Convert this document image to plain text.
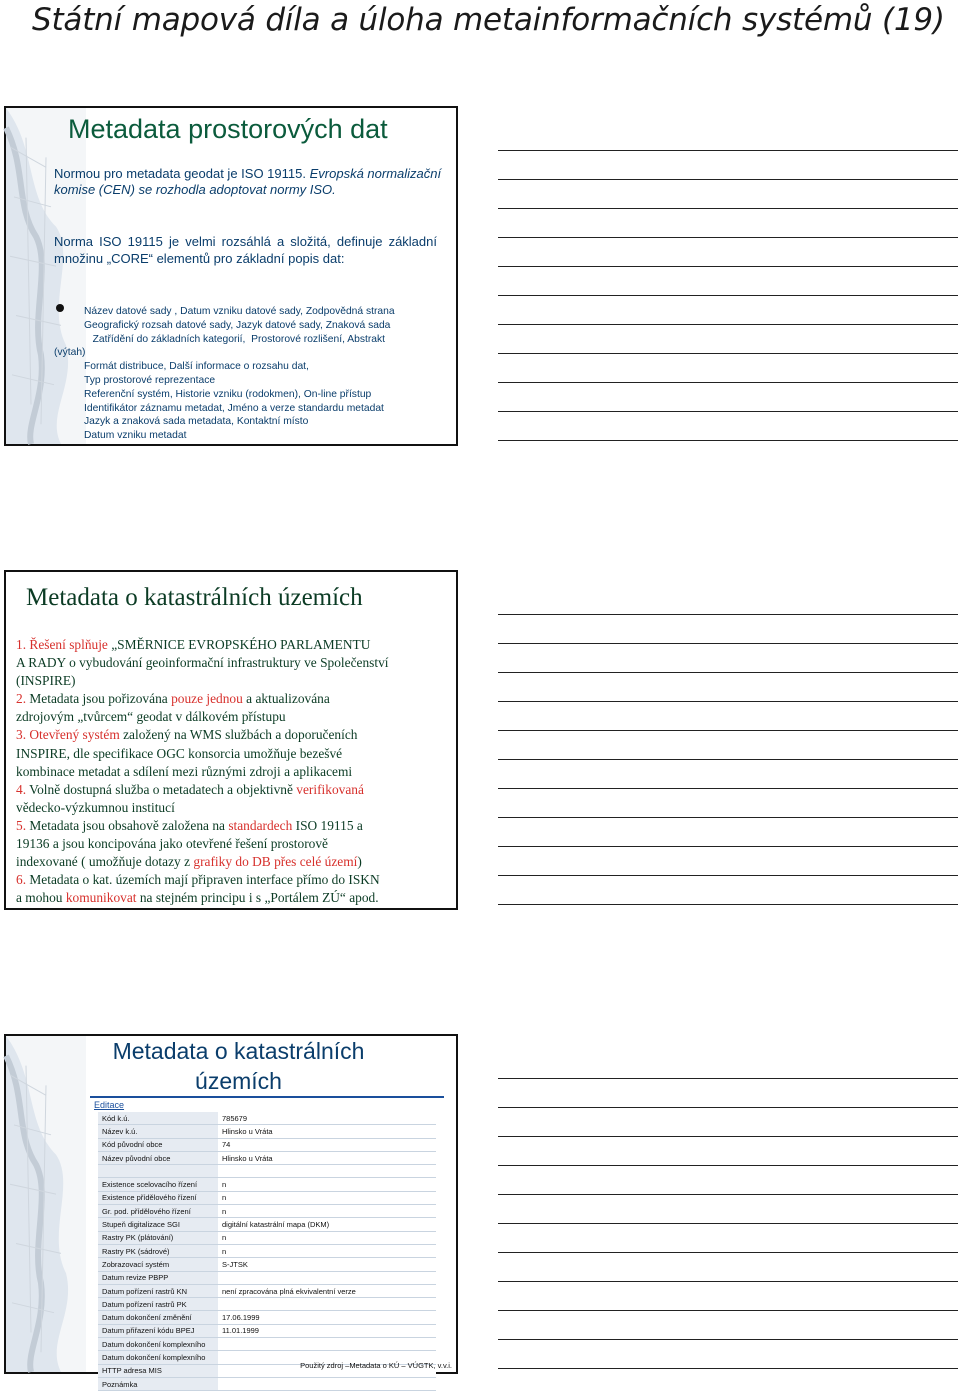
Státní mapová díla a úloha metainformačních systémů (19)
Metadata prostorových dat
Normou pro metadata geodat je ISO 19115. Evropská normalizační komise (CEN) se rozhodla adoptovat normy ISO.
Norma ISO 19115 je velmi rozsáhlá a složitá, definuje základní množinu „CORE“ elementů pro základní popis dat:
Název datové sady , Datum vzniku datové sady, Zodpovědná strana
Geografický rozsah datové sady, Jazyk datové sady, Znaková sada
Zatřídění do základních kategorií,  Prostorové rozlišení, Abstrakt
(výtah)
Formát distribuce, Další informace o rozsahu dat,
Typ prostorové reprezentace
Referenční systém, Historie vzniku (rodokmen), On-line přístup
Identifikátor záznamu metadat, Jméno a verze standardu metadat
Jazyk a znaková sada metadata, Kontaktní místo
Datum vzniku metadat
Metadata o katastrálních územích
1. Řešení splňuje „SMĚRNICE EVROPSKÉHO PARLAMENTU
A RADY o vybudování geoinformační infrastruktury ve Společenství
(INSPIRE)
2. Metadata jsou pořizována pouze jednou a aktualizována
zdrojovým „tvůrcem“ geodat v dálkovém přístupu
3. Otevřený systém založený na WMS službách a doporučeních
INSPIRE, dle specifikace OGC konsorcia umožňuje bezešvé
kombinace metadat a sdílení mezi různými zdroji a aplikacemi
4. Volně dostupná služba o metadatech a objektivně verifikovaná
vědecko-výzkumnou institucí
5. Metadata jsou obsahově založena na standardech ISO 19115 a
19136 a jsou koncipována jako otevřené řešení prostorově
indexované ( umožňuje dotazy z grafiky do DB přes celé území)
6. Metadata o kat. územích mají připraven interface přímo do ISKN
a mohou komunikovat na stejném principu i s „Portálem ZÚ“ apod.
Metadata o katastrálních
územích
Editace
Kód k.ú.	785679
Název k.ú.	Hlinsko u Vráta
Kód původní obce	74
Název původní obce	Hlinsko u Vráta

Existence scelovacího řízení	n
Existence přídělového řízení	n
Gr. pod. přídělového řízení	n
Stupeň digitalizace SGI	digitální katastrální mapa (DKM)
Rastry PK (plátování)	n
Rastry PK (sádrové)	n
Zobrazovací systém	S-JTSK
Datum revize PBPP	
Datum pořízení rastrů KN	není zpracována plná ekvivalentní verze
Datum pořízení rastrů PK	
Datum dokončení změnění	17.06.1999
Datum přiřazení kódu BPEJ	11.01.1999
Datum dokončení komplexního	
Datum dokončení komplexního	
HTTP adresa MIS	
Poznámka	
Použitý zdroj –Metadata o KÚ – VÚGTK, v.v.i.
